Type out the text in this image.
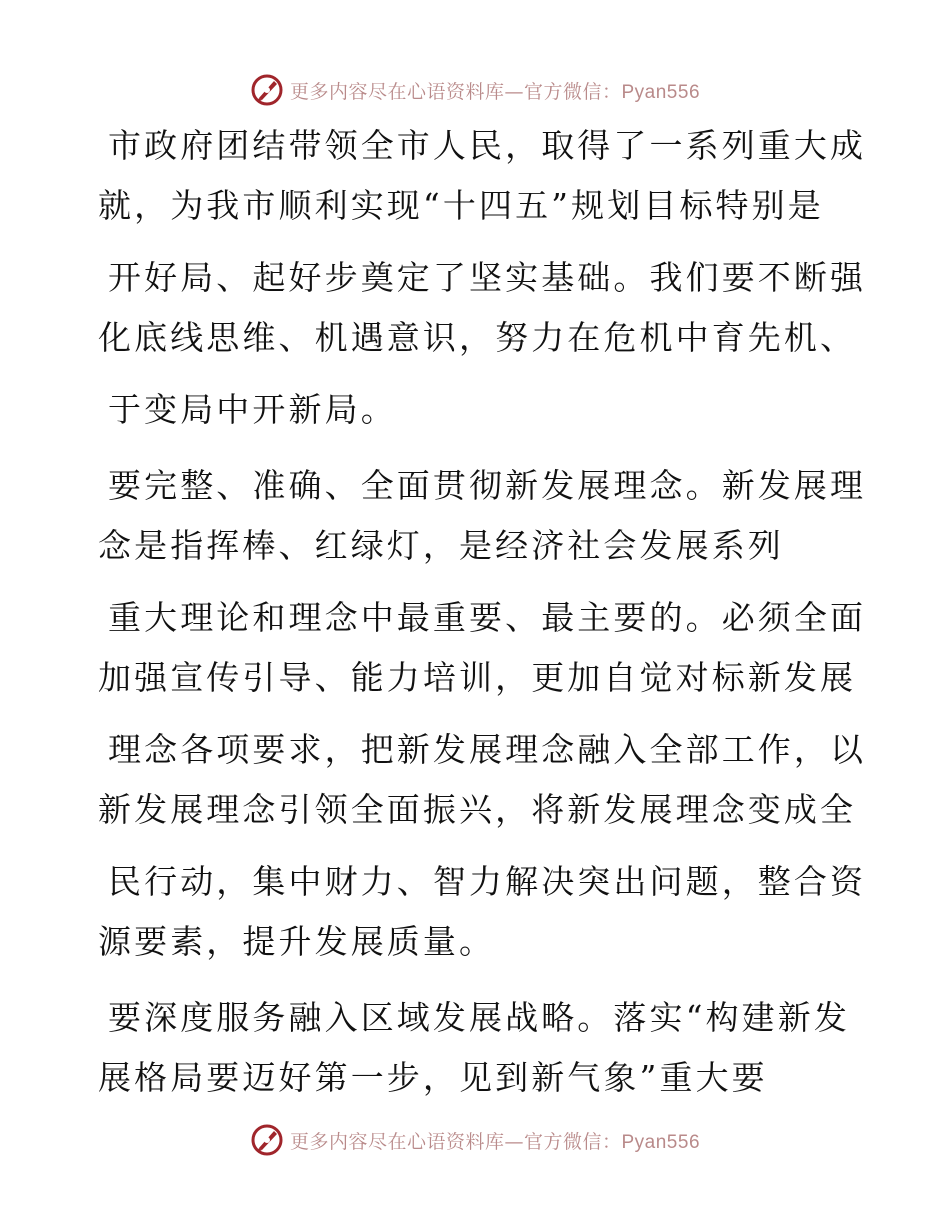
更多内容尽在心语资料库—官方微信：Pyan556
市政府团结带领全市人民，取得了一系列重大成
就，为我市顺利实现“十四五”规划目标特别是
开好局、起好步奠定了坚实基础。我们要不断强
化底线思维、机遇意识，努力在危机中育先机、
于变局中开新局。
要完整、准确、全面贯彻新发展理念。新发展理
念是指挥棒、红绿灯，是经济社会发展系列
重大理论和理念中最重要、最主要的。必须全面
加强宣传引导、能力培训，更加自觉对标新发展
理念各项要求，把新发展理念融入全部工作，以
新发展理念引领全面振兴，将新发展理念变成全
民行动，集中财力、智力解决突出问题，整合资
源要素，提升发展质量。
要深度服务融入区域发展战略。落实“构建新发
展格局要迈好第一步，见到新气象”重大要
更多内容尽在心语资料库—官方微信：Pyan556
